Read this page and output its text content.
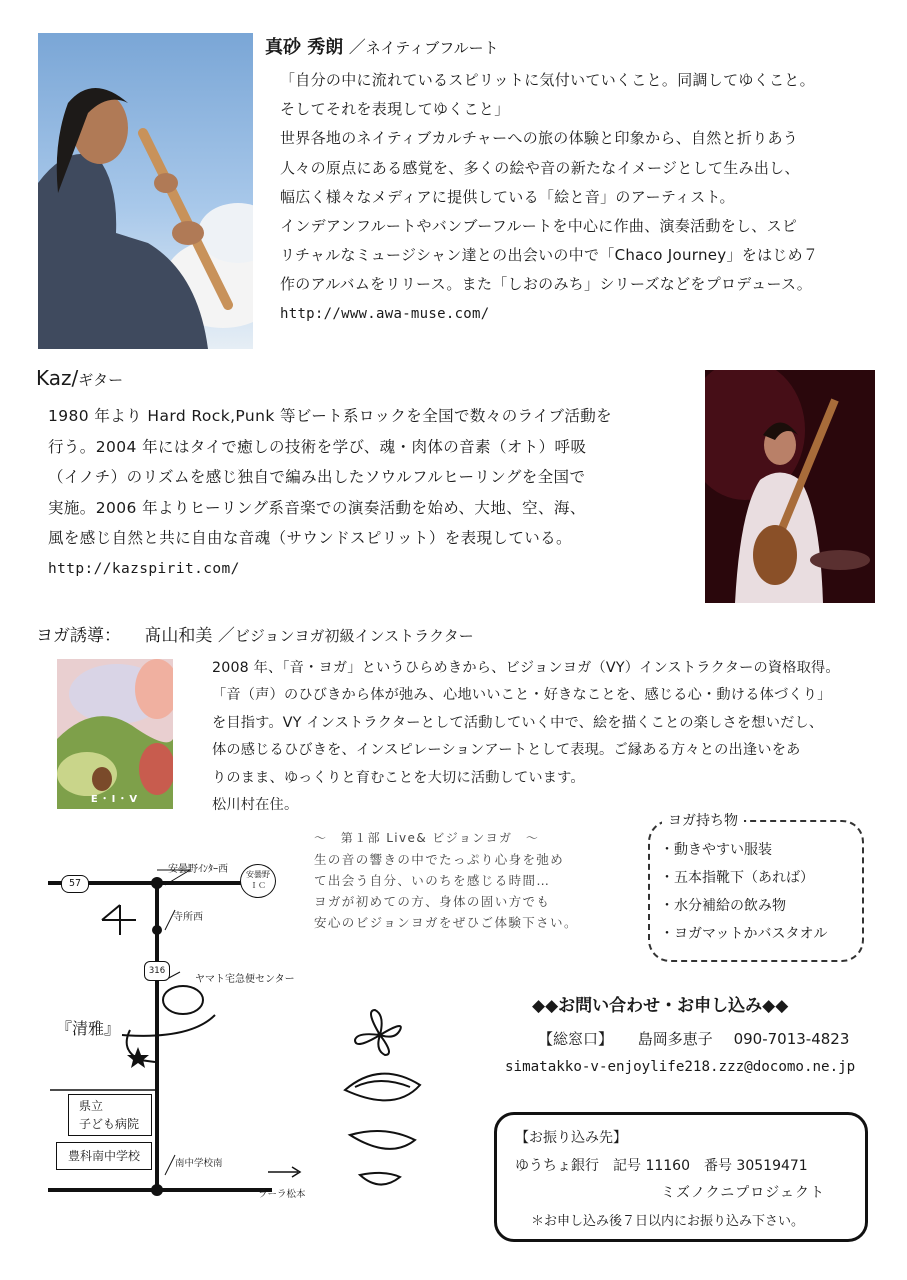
真砂 秀朗 ／ネイティブフルート

「自分の中に流れているスピリットに気付いていくこと。同調してゆくこと。

そしてそれを表現してゆくこと」

世界各地のネイティブカルチャーへの旅の体験と印象から、自然と折りあう

人々の原点にある感覚を、多くの絵や音の新たなイメージとして生み出し、

幅広く様々なメディアに提供している「絵と音」のアーティスト。

インデアンフルートやバンブーフルートを中心に作曲、演奏活動をし、スピ

リチャルなミュージシャン達との出会いの中で「Chaco Journey」をはじめ７

作のアルバムをリリース。また「しおのみち」シリーズなどをプロデュース。

http://www.awa-muse.com/

Kaz/ギター

1980 年より Hard Rock,Punk 等ビート系ロックを全国で数々のライブ活動を

行う。2004 年にはタイで癒しの技術を学び、魂・肉体の音素（オト）呼吸

（イノチ）のリズムを感じ独自で編み出したソウルフルヒーリングを全国で

実施。2006 年よりヒーリング系音楽での演奏活動を始め、大地、空、海、

風を感じ自然と共に自由な音魂（サウンドスピリット）を表現している。

http://kazspirit.com/

ヨガ誘導： 髙山和美 ／ビジョンヨガ初級インストラクター
E・I・V

2008 年、「音・ヨガ」というひらめきから、ビジョンヨガ（VY）インストラクターの資格取得。

「音（声）のひびきから体が弛み、心地いいこと・好きなことを、感じる心・動ける体づくり」

を目指す。VY インストラクターとして活動していく中で、絵を描くことの楽しさを想いだし、

体の感じるひびきを、インスピレーションアートとして表現。ご縁ある方々との出逢いをあ

りのまま、ゆっくりと育むことを大切に活動しています。

松川村在住。

～　第１部 Live& ビジョンヨガ　～

生の音の響きの中でたっぷり心身を弛め

て出会う自分、いのちを感じる時間…

ヨガが初めての方、身体の固い方でも

安心のビジョンヨガをぜひご体験下さい。

ヨガ持ち物

・動きやすい服装

・五本指靴下（あれば）

・水分補給の飲み物

・ヨガマットかバスタオル

◆◆お問い合わせ・お申し込み◆◆
【総窓口】 島岡多恵子 090-7013-4823
simatakko-v-enjoylife218.zzz@docomo.ne.jp
【お振り込み先】
ゆうちょ銀行　記号 11160　番号 30519471
ミズノクニプロジェクト
＊お申し込み後７日以内にお振り込み下さい。
57
316
安曇野ｲﾝﾀｰ西	安曇野
ＩＣ
寺所西
ヤマト宅急便センター
『清雅』
県立
子ども病院
豊科南中学校
南中学校南
ラーラ松本
